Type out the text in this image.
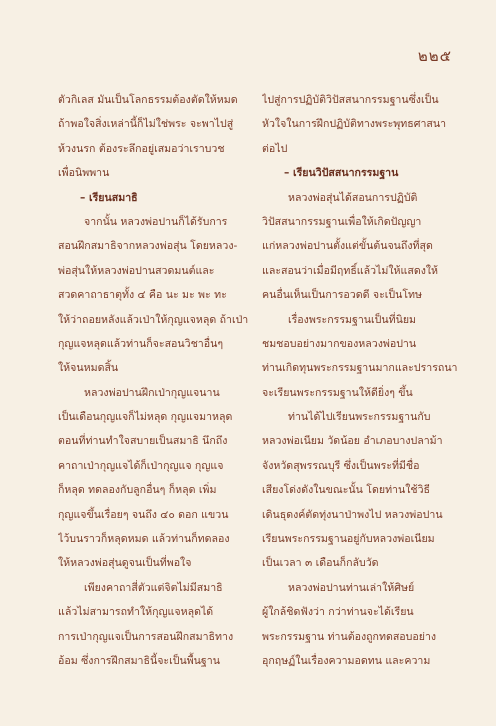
๒๒๕
ตัวกิเลส มันเป็นโลกธรรมต้องตัดให้หมด
ถ้าพอใจสิ่งเหล่านี้ก็ไม่ใช่พระ จะพาไปสู่
ห้วงนรก ต้องระลึกอยู่เสมอว่าเราบวช
เพื่อนิพพาน
– เรียนสมาธิ
จากนั้น หลวงพ่อปานก็ได้รับการ
สอนฝึกสมาธิจากหลวงพ่อสุ่น โดยหลวง-
พ่อสุ่นให้หลวงพ่อปานสวดมนต์และ
สวดคาถาธาตุทั้ง ๔ คือ นะ มะ พะ ทะ
ให้ว่าถอยหลังแล้วเป่าให้กุญแจหลุด ถ้าเป่า
กุญแจหลุดแล้วท่านก็จะสอนวิชาอื่นๆ
ให้จนหมดสิ้น
หลวงพ่อปานฝึกเป่ากุญแจนาน
เป็นเดือนกุญแจก็ไม่หลุด กุญแจมาหลุด
ตอนที่ท่านทำใจสบายเป็นสมาธิ นึกถึง
คาถาเป่ากุญแจได้ก็เป่ากุญแจ กุญแจ
ก็หลุด ทดลองกับลูกอื่นๆ ก็หลุด เพิ่ม
กุญแจขึ้นเรื่อยๆ จนถึง ๔๐ ดอก แขวน
ไว้บนราวก็หลุดหมด แล้วท่านก็ทดลอง
ให้หลวงพ่อสุ่นดูจนเป็นที่พอใจ
เพียงคาถาสี่ตัวแต่จิตไม่มีสมาธิ
แล้วไม่สามารถทำให้กุญแจหลุดได้
การเป่ากุญแจเป็นการสอนฝึกสมาธิทาง
อ้อม ซึ่งการฝึกสมาธินี้จะเป็นพื้นฐาน
ไปสู่การปฏิบัติวิปัสสนากรรมฐานซึ่งเป็น
หัวใจในการฝึกปฏิบัติทางพระพุทธศาสนา
ต่อไป
– เรียนวิปัสสนากรรมฐาน
หลวงพ่อสุ่นได้สอนการปฏิบัติ
วิปัสสนากรรมฐานเพื่อให้เกิดปัญญา
แก่หลวงพ่อปานตั้งแต่ขั้นต้นจนถึงที่สุด
และสอนว่าเมื่อมีฤทธิ์แล้วไม่ให้แสดงให้
คนอื่นเห็นเป็นการอวดดี จะเป็นโทษ
เรื่องพระกรรมฐานเป็นที่นิยม
ชมชอบอย่างมากของหลวงพ่อปาน
ท่านเกิดทุนพระกรรมฐานมากและปรารถนา
จะเรียนพระกรรมฐานให้ดียิ่งๆ ขึ้น
ท่านได้ไปเรียนพระกรรมฐานกับ
หลวงพ่อเนียม วัดน้อย อำเภอบางปลาม้า
จังหวัดสุพรรณบุรี ซึ่งเป็นพระที่มีชื่อ
เสียงโด่งดังในขณะนั้น โดยท่านใช้วิธี
เดินธุดงค์ตัดทุ่งนาป่าพงไป หลวงพ่อปาน
เรียนพระกรรมฐานอยู่กับหลวงพ่อเนียม
เป็นเวลา ๓ เดือนก็กลับวัด
หลวงพ่อปานท่านเล่าให้ศิษย์
ผู้ใกล้ชิดฟังว่า กว่าท่านจะได้เรียน
พระกรรมฐาน ท่านต้องถูกทดสอบอย่าง
อุกฤษฏ์ในเรื่องความอดทน และความ
